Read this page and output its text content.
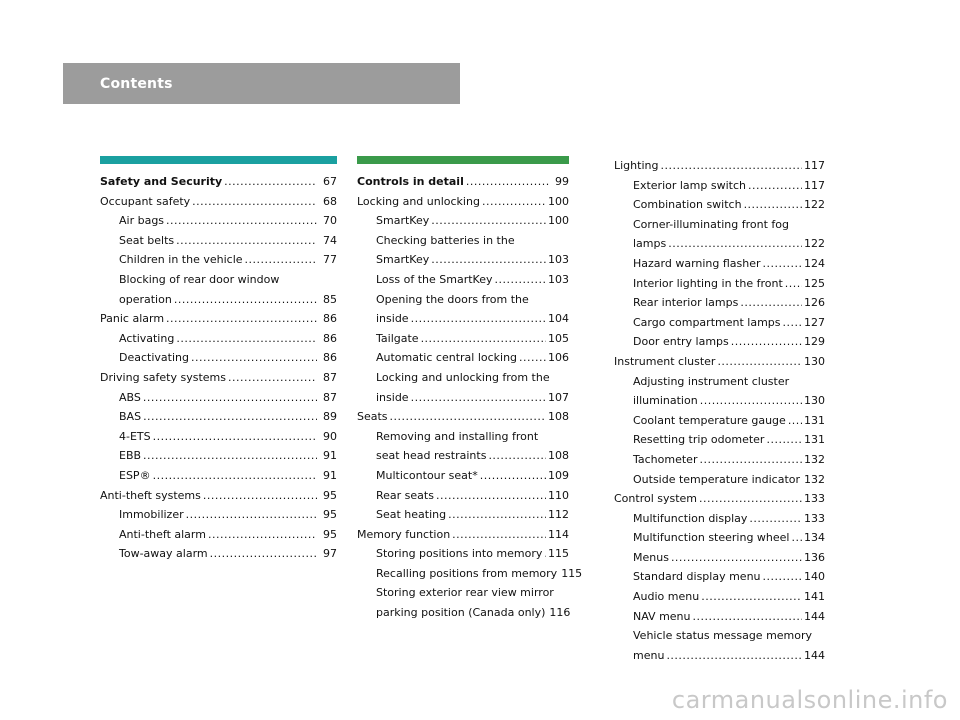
Contents
Safety and Security .....	67
Occupant safety .....	68
Air bags .....	70
Seat belts .....	74
Children in the vehicle .....	77
Blocking of rear door window
operation .....	85
Panic alarm .....	86
Activating .....	86
Deactivating .....	86
Driving safety systems .....	87
ABS .....	87
BAS .....	89
4-ETS .....	90
EBB .....	91
ESP® .....	91
Anti-theft systems .....	95
Immobilizer .....	95
Anti-theft alarm .....	95
Tow-away alarm .....	97
Controls in detail .....	99
Locking and unlocking .....	100
SmartKey .....	100
Checking batteries in the
SmartKey .....	103
Loss of the SmartKey .....	103
Opening the doors from the
inside .....	104
Tailgate .....	105
Automatic central locking .....	106
Locking and unlocking from the
inside .....	107
Seats .....	108
Removing and installing front
seat head restraints .....	108
Multicontour seat* .....	109
Rear seats .....	110
Seat heating .....	112
Memory function .....	114
Storing positions into memory ..... 115
Recalling positions from memory 115
Storing exterior rear view mirror
parking position (Canada only) 116
Lighting .....	117
Exterior lamp switch .....	117
Combination switch .....	122
Corner-illuminating front fog
lamps .....	122
Hazard warning flasher .....	124
Interior lighting in the front ..... 125
Rear interior lamps .....	126
Cargo compartment lamps ..... 127
Door entry lamps .....	129
Instrument cluster .....	130
Adjusting instrument cluster
illumination .....	130
Coolant temperature gauge ..... 131
Resetting trip odometer .....	131
Tachometer .....	132
Outside temperature indicator 132
Control system .....	133
Multifunction display .....	133
Multifunction steering wheel ..... 134
Menus .....	136
Standard display menu .....	140
Audio menu .....	141
NAV menu .....	144
Vehicle status message memory
menu .....	144
carmanualsonline.info
